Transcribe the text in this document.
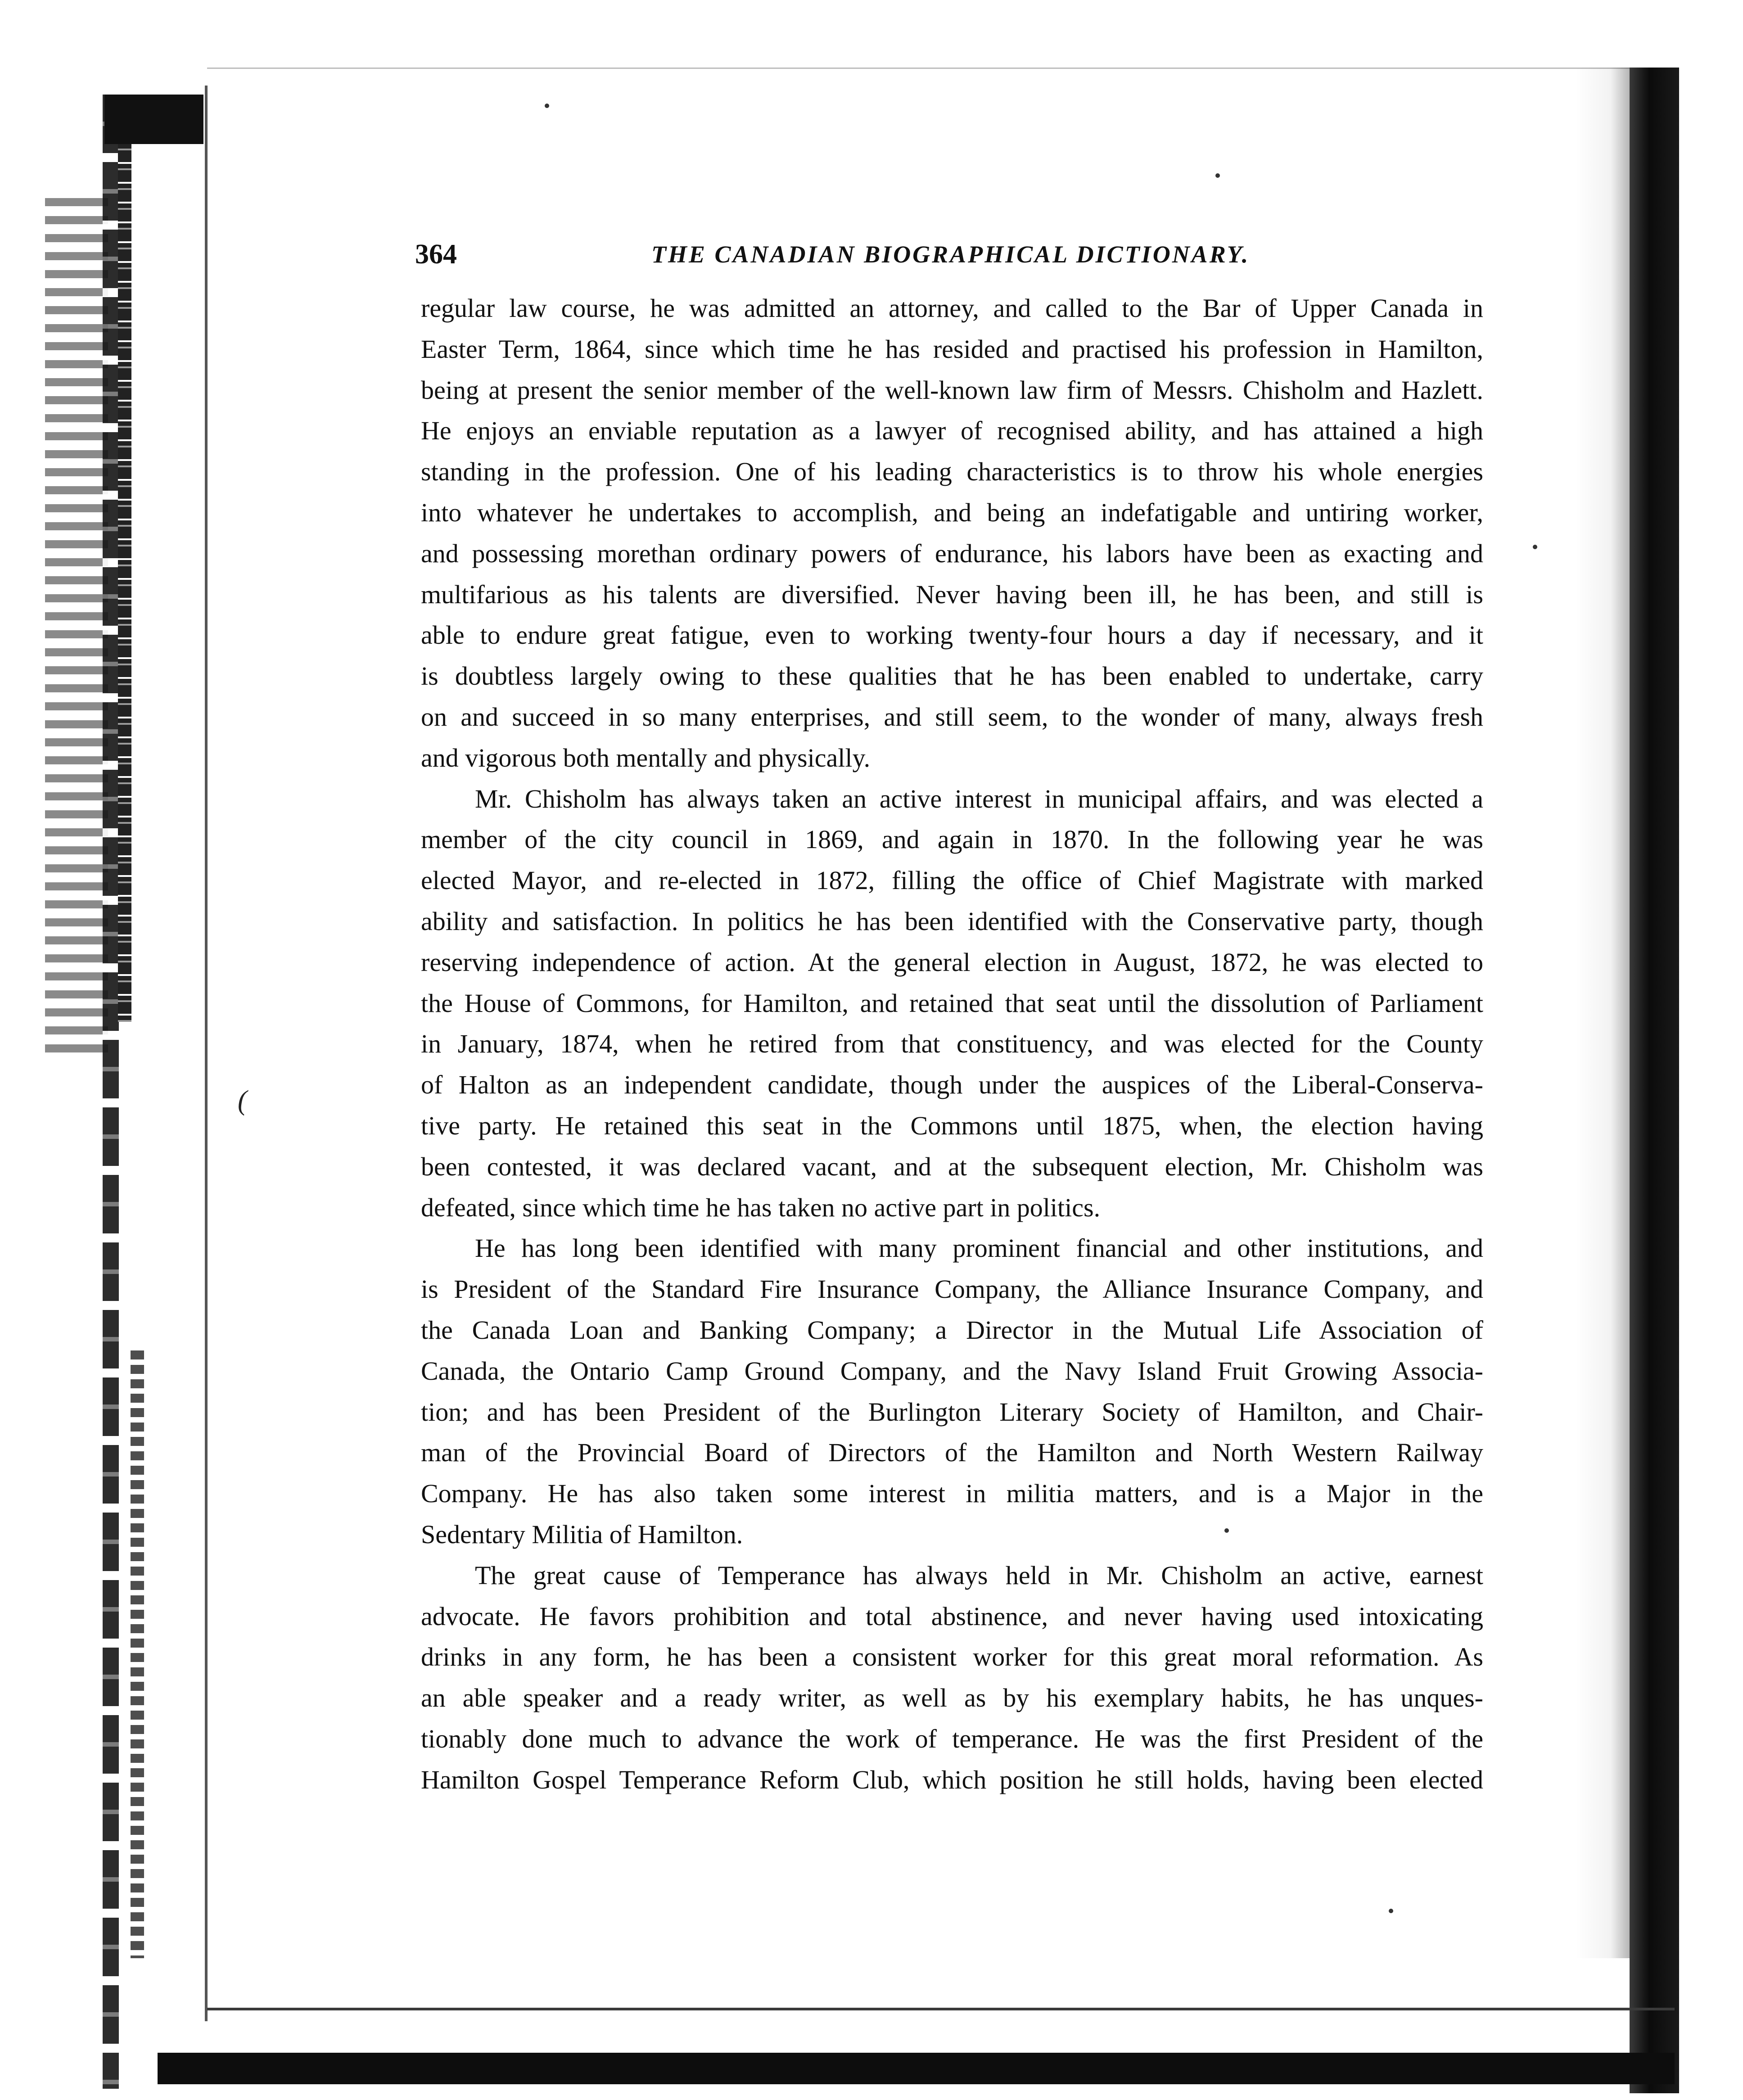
(
364	THE CANADIAN BIOGRAPHICAL DICTIONARY.
regular law course, he was admitted an attorney, and called to the Bar of Upper Canada in
Easter Term, 1864, since which time he has resided and practised his profession in Hamilton,
being at present the senior member of the well-known law firm of Messrs. Chisholm and Hazlett.
He enjoys an enviable reputation as a lawyer of recognised ability, and has attained a high
standing in the profession. One of his leading characteristics is to throw his whole energies
into whatever he undertakes to accomplish, and being an indefatigable and untiring worker,
and possessing morethan ordinary powers of endurance, his labors have been as exacting and
multifarious as his talents are diversified. Never having been ill, he has been, and still is
able to endure great fatigue, even to working twenty-four hours a day if necessary, and it
is doubtless largely owing to these qualities that he has been enabled to undertake, carry
on and succeed in so many enterprises, and still seem, to the wonder of many, always fresh
and vigorous both mentally and physically.
Mr. Chisholm has always taken an active interest in municipal affairs, and was elected a
member of the city council in 1869, and again in 1870. In the following year he was
elected Mayor, and re-elected in 1872, filling the office of Chief Magistrate with marked
ability and satisfaction. In politics he has been identified with the Conservative party, though
reserving independence of action. At the general election in August, 1872, he was elected to
the House of Commons, for Hamilton, and retained that seat until the dissolution of Parliament
in January, 1874, when he retired from that constituency, and was elected for the County
of Halton as an independent candidate, though under the auspices of the Liberal-Conserva-
tive party. He retained this seat in the Commons until 1875, when, the election having
been contested, it was declared vacant, and at the subsequent election, Mr. Chisholm was
defeated, since which time he has taken no active part in politics.
He has long been identified with many prominent financial and other institutions, and
is President of the Standard Fire Insurance Company, the Alliance Insurance Company, and
the Canada Loan and Banking Company; a Director in the Mutual Life Association of
Canada, the Ontario Camp Ground Company, and the Navy Island Fruit Growing Associa-
tion; and has been President of the Burlington Literary Society of Hamilton, and Chair-
man of the Provincial Board of Directors of the Hamilton and North Western Railway
Company. He has also taken some interest in militia matters, and is a Major in the
Sedentary Militia of Hamilton.
The great cause of Temperance has always held in Mr. Chisholm an active, earnest
advocate. He favors prohibition and total abstinence, and never having used intoxicating
drinks in any form, he has been a consistent worker for this great moral reformation. As
an able speaker and a ready writer, as well as by his exemplary habits, he has unques-
tionably done much to advance the work of temperance. He was the first President of the
Hamilton Gospel Temperance Reform Club, which position he still holds, having been elected
